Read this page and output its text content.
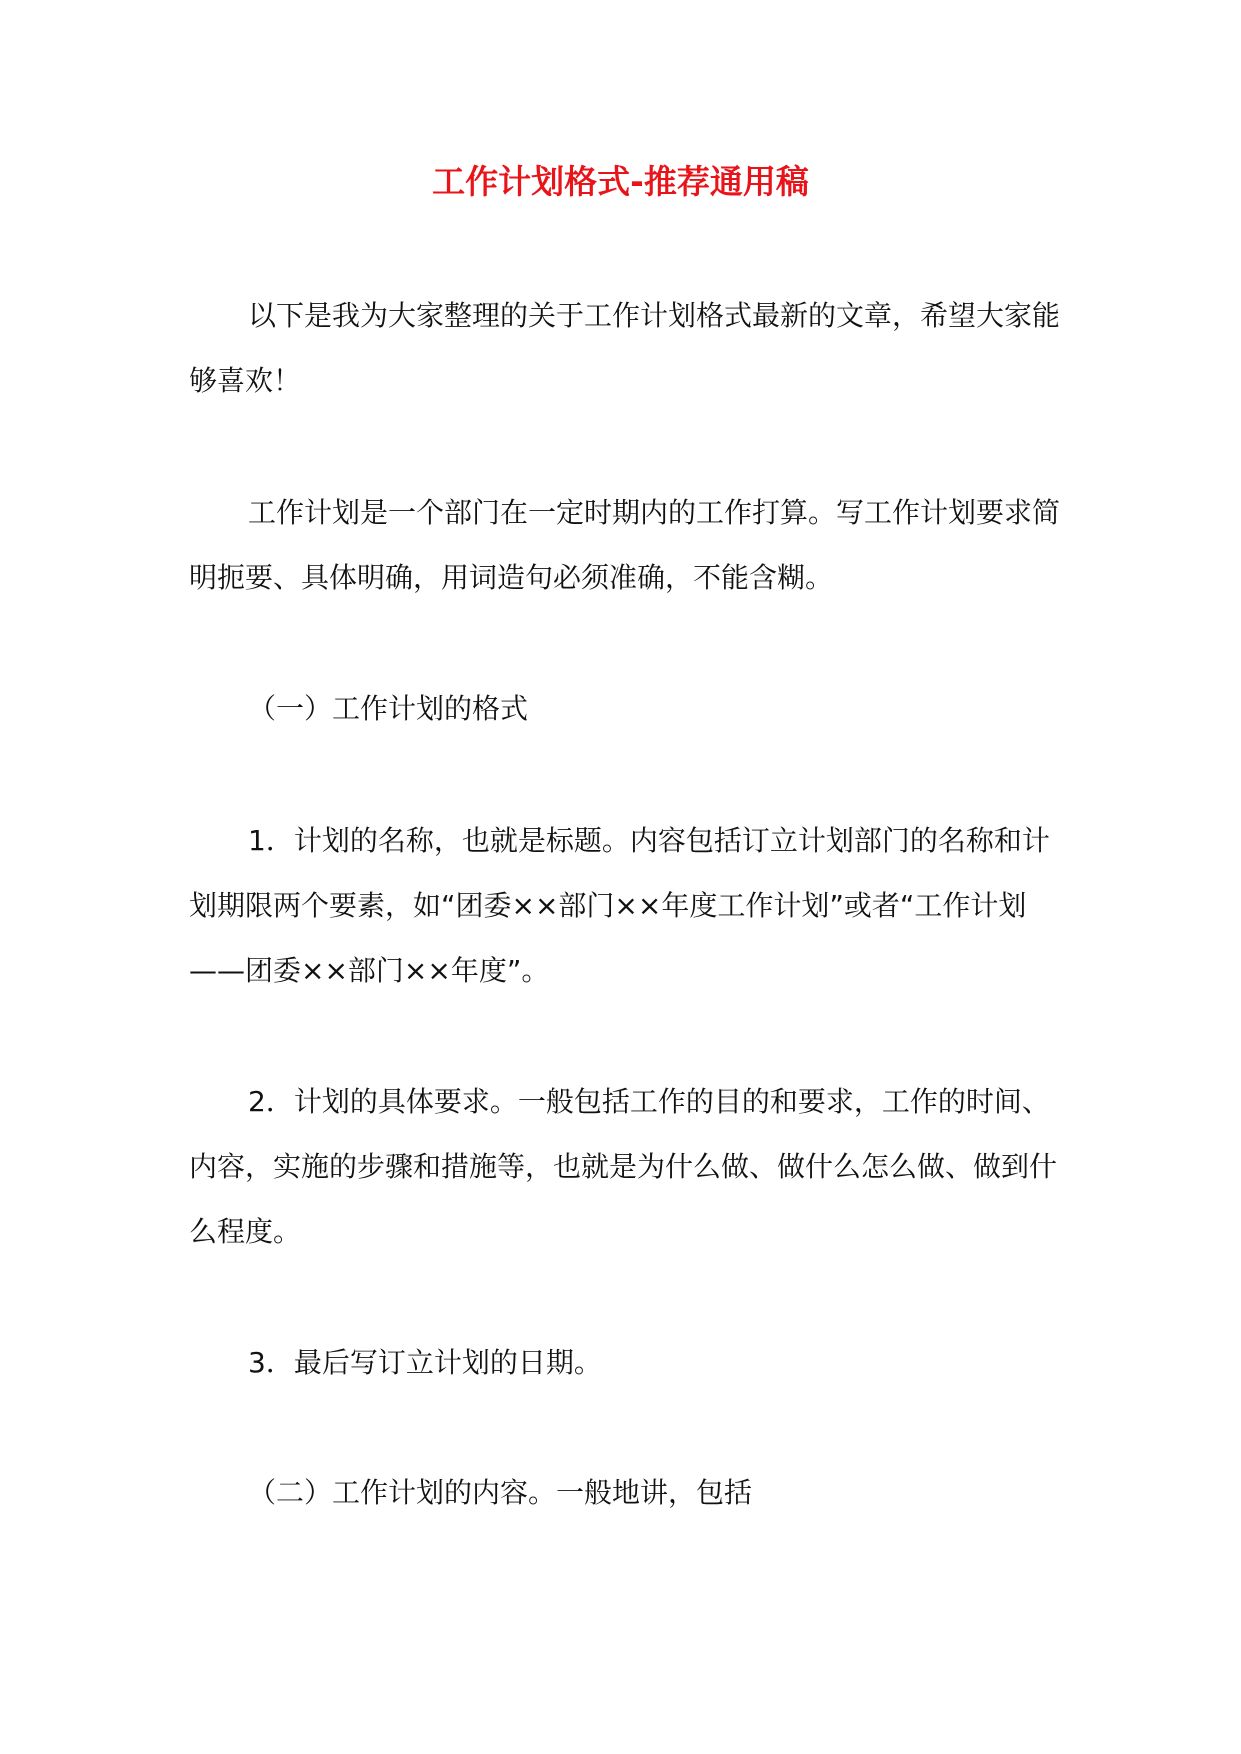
工作计划格式-推荐通用稿

以下是我为大家整理的关于工作计划格式最新的文章，希望大家能够喜欢！

工作计划是一个部门在一定时期内的工作打算。写工作计划要求简明扼要、具体明确，用词造句必须准确，不能含糊。

（一）工作计划的格式

1．计划的名称，也就是标题。内容包括订立计划部门的名称和计划期限两个要素，如“团委××部门××年度工作计划”或者“工作计划——团委××部门××年度”。

2．计划的具体要求。一般包括工作的目的和要求，工作的时间、内容，实施的步骤和措施等，也就是为什么做、做什么怎么做、做到什么程度。

3．最后写订立计划的日期。

（二）工作计划的内容。一般地讲，包括
